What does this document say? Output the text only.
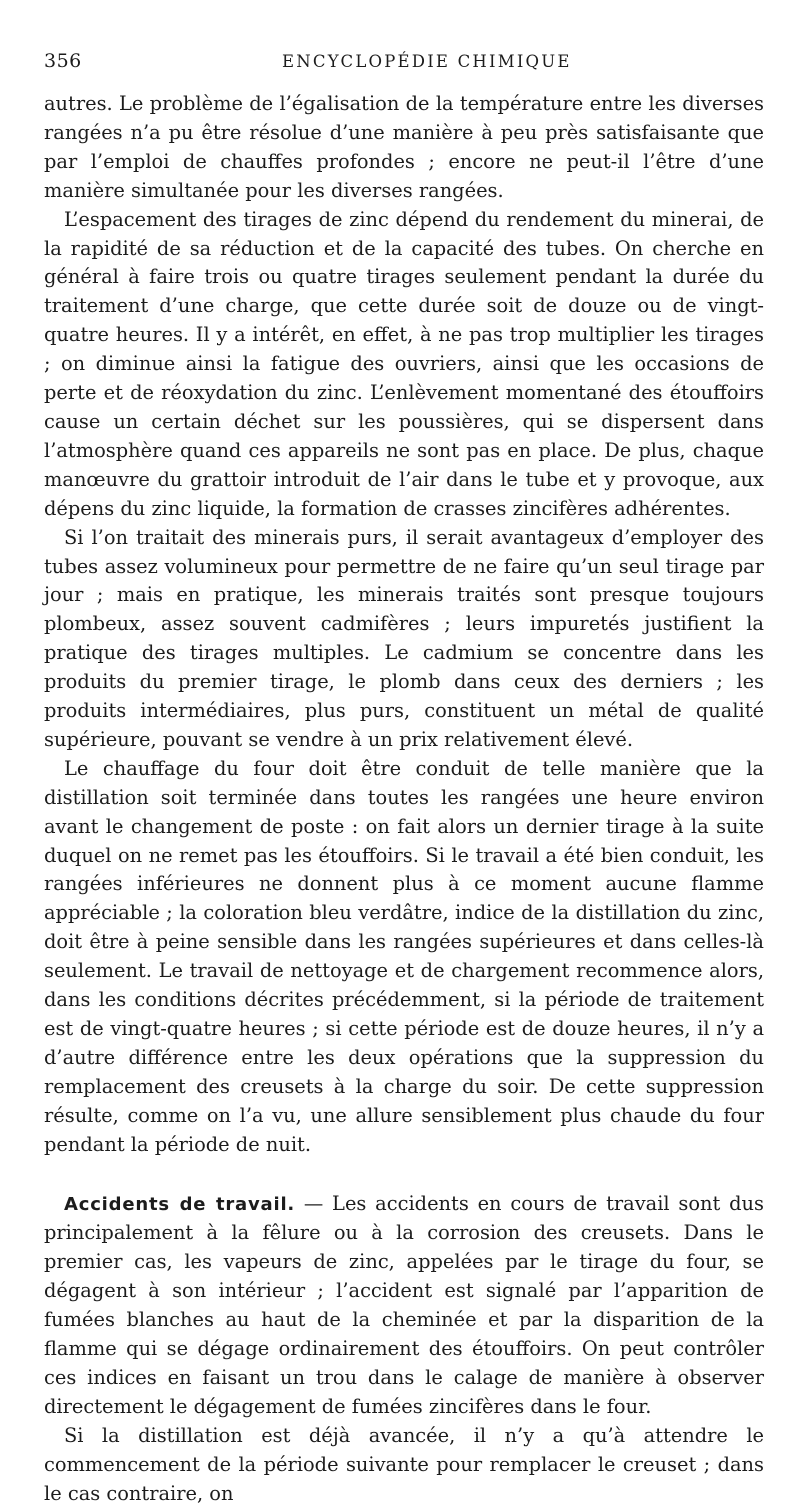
356	ENCYCLOPÉDIE CHIMIQUE

autres. Le problème de l’égalisation de la température entre les diverses rangées n’a pu être résolue d’une manière à peu près satisfaisante que par l’emploi de chauffes profondes ; encore ne peut-il l’être d’une manière simultanée pour les diverses rangées.

L’espacement des tirages de zinc dépend du rendement du minerai, de la rapidité de sa réduction et de la capacité des tubes. On cherche en général à faire trois ou quatre tirages seulement pendant la durée du traitement d’une charge, que cette durée soit de douze ou de vingt-quatre heures. Il y a intérêt, en effet, à ne pas trop multiplier les tirages ; on diminue ainsi la fatigue des ouvriers, ainsi que les occasions de perte et de réoxydation du zinc. L’enlèvement momentané des étouffoirs cause un certain déchet sur les poussières, qui se dispersent dans l’atmosphère quand ces appareils ne sont pas en place. De plus, chaque manœuvre du grattoir introduit de l’air dans le tube et y provoque, aux dépens du zinc liquide, la formation de crasses zincifères adhérentes.

Si l’on traitait des minerais purs, il serait avantageux d’employer des tubes assez volumineux pour permettre de ne faire qu’un seul tirage par jour ; mais en pratique, les minerais traités sont presque toujours plombeux, assez souvent cadmifères ; leurs impuretés justifient la pratique des tirages multiples. Le cadmium se concentre dans les produits du premier tirage, le plomb dans ceux des derniers ; les produits intermédiaires, plus purs, constituent un métal de qualité supérieure, pouvant se vendre à un prix relativement élevé.

Le chauffage du four doit être conduit de telle manière que la distillation soit terminée dans toutes les rangées une heure environ avant le changement de poste : on fait alors un dernier tirage à la suite duquel on ne remet pas les étouffoirs. Si le travail a été bien conduit, les rangées inférieures ne donnent plus à ce moment aucune flamme appréciable ; la coloration bleu verdâtre, indice de la distillation du zinc, doit être à peine sensible dans les rangées supérieures et dans celles-là seulement. Le travail de nettoyage et de chargement recommence alors, dans les conditions décrites précédemment, si la période de traitement est de vingt-quatre heures ; si cette période est de douze heures, il n’y a d’autre différence entre les deux opérations que la suppression du remplacement des creusets à la charge du soir. De cette suppression résulte, comme on l’a vu, une allure sensiblement plus chaude du four pendant la période de nuit.

Accidents de travail. — Les accidents en cours de travail sont dus principalement à la fêlure ou à la corrosion des creusets. Dans le premier cas, les vapeurs de zinc, appelées par le tirage du four, se dégagent à son intérieur ; l’accident est signalé par l’apparition de fumées blanches au haut de la cheminée et par la disparition de la flamme qui se dégage ordinairement des étouffoirs. On peut contrôler ces indices en faisant un trou dans le calage de manière à observer directement le dégagement de fumées zincifères dans le four.

Si la distillation est déjà avancée, il n’y a qu’à attendre le commencement de la période suivante pour remplacer le creuset ; dans le cas contraire, on
